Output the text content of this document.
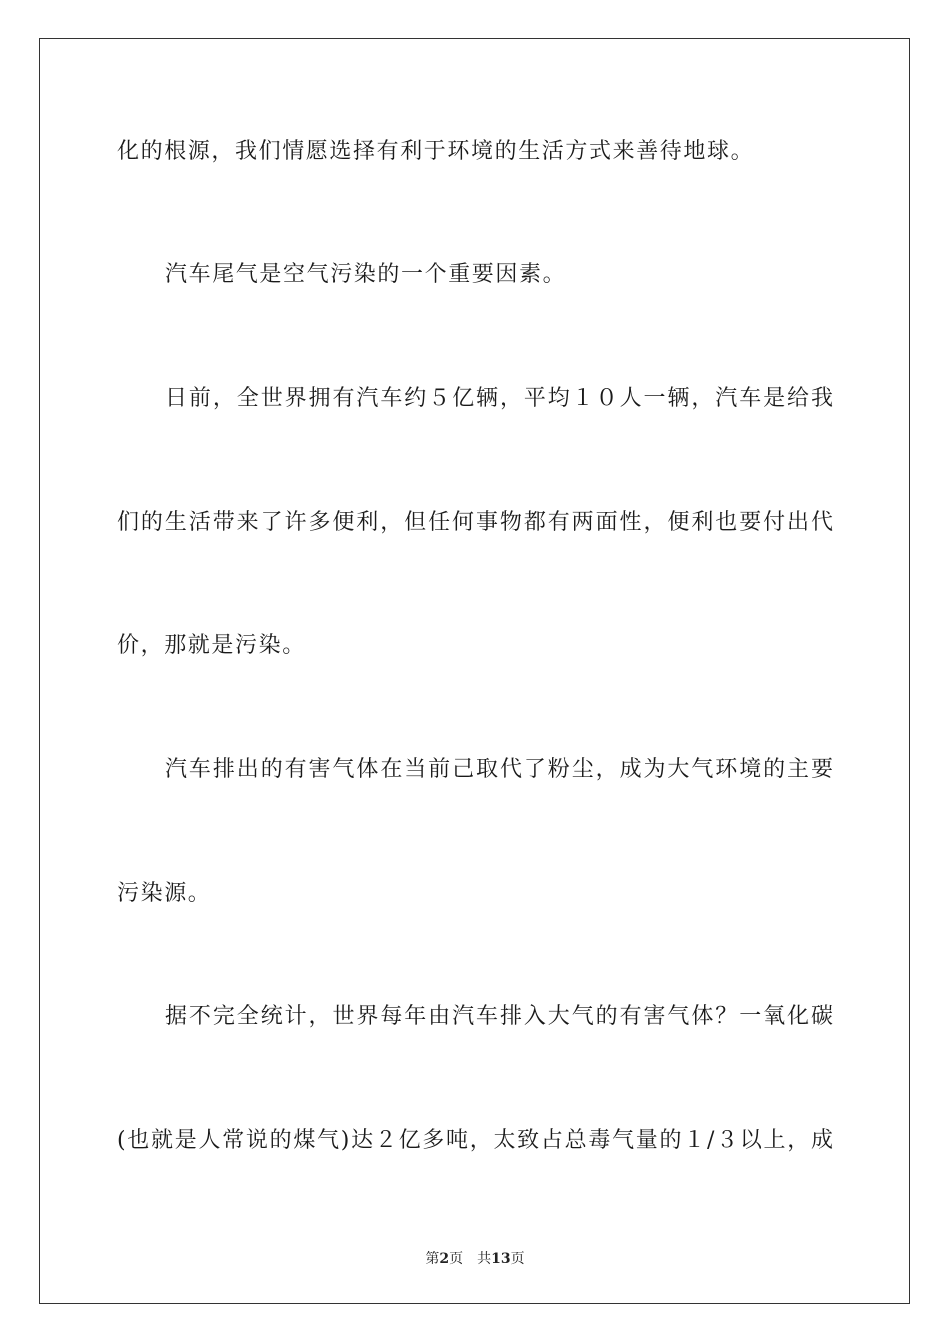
化的根源，我们情愿选择有利于环境的生活方式来善待地球。
汽车尾气是空气污染的一个重要因素。
日前，全世界拥有汽车约５亿辆，平均１０人一辆，汽车是给我
们的生活带来了许多便利，但任何事物都有两面性，便利也要付出代
价，那就是污染。
汽车排出的有害气体在当前己取代了粉尘，成为大气环境的主要
污染源。
据不完全统计，世界每年由汽车排入大气的有害气体？一氧化碳
(也就是人常说的煤气)达２亿多吨，太致占总毒气量的１/３以上，成
第2页 共13页
